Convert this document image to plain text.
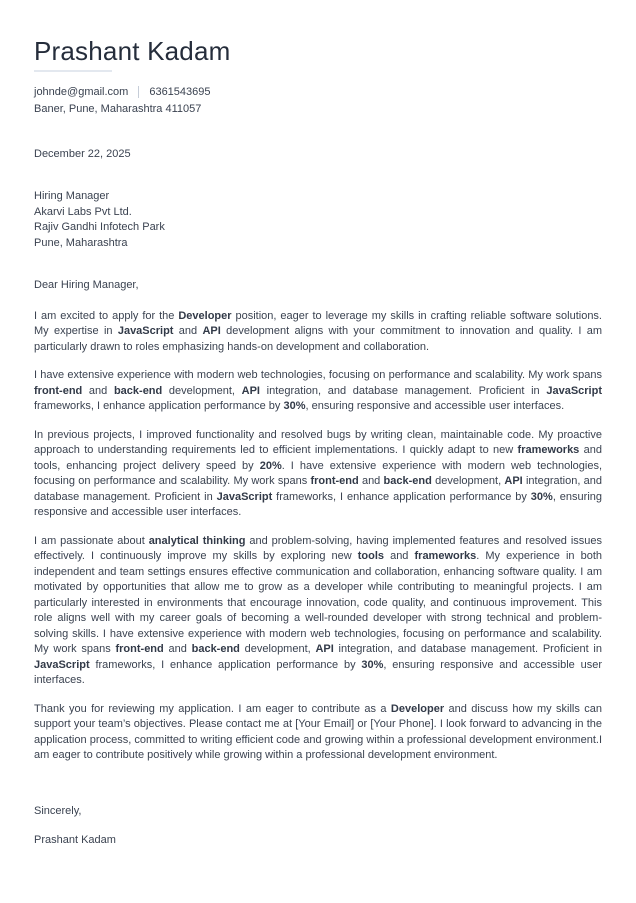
Prashant Kadam
johnde@gmail.com 6361543695
Baner, Pune, Maharashtra 411057
December 22, 2025
Hiring Manager
Akarvi Labs Pvt Ltd.
Rajiv Gandhi Infotech Park
Pune, Maharashtra
Dear Hiring Manager,

I am excited to apply for the Developer position, eager to leverage my skills in crafting reliable software solutions. My expertise in JavaScript and API development aligns with your commitment to innovation and quality. I am particularly drawn to roles emphasizing hands-on development and collaboration.

I have extensive experience with modern web technologies, focusing on performance and scalability. My work spans front-end and back-end development, API integration, and database management. Proficient in JavaScript frameworks, I enhance application performance by 30%, ensuring responsive and accessible user interfaces.

In previous projects, I improved functionality and resolved bugs by writing clean, maintainable code. My proactive approach to understanding requirements led to efficient implementations. I quickly adapt to new frameworks and tools, enhancing project delivery speed by 20%. I have extensive experience with modern web technologies, focusing on performance and scalability. My work spans front-end and back-end development, API integration, and database management. Proficient in JavaScript frameworks, I enhance application performance by 30%, ensuring responsive and accessible user interfaces.

I am passionate about analytical thinking and problem-solving, having implemented features and resolved issues effectively. I continuously improve my skills by exploring new tools and frameworks. My experience in both independent and team settings ensures effective communication and collaboration, enhancing software quality. I am motivated by opportunities that allow me to grow as a developer while contributing to meaningful projects. I am particularly interested in environments that encourage innovation, code quality, and continuous improvement. This role aligns well with my career goals of becoming a well-rounded developer with strong technical and problem-solving skills. I have extensive experience with modern web technologies, focusing on performance and scalability. My work spans front-end and back-end development, API integration, and database management. Proficient in JavaScript frameworks, I enhance application performance by 30%, ensuring responsive and accessible user interfaces.

Thank you for reviewing my application. I am eager to contribute as a Developer and discuss how my skills can support your team’s objectives. Please contact me at [Your Email] or [Your Phone]. I look forward to advancing in the application process, committed to writing efficient code and growing within a professional development environment.I am eager to contribute positively while growing within a professional development environment.

Sincerely,
Prashant Kadam
